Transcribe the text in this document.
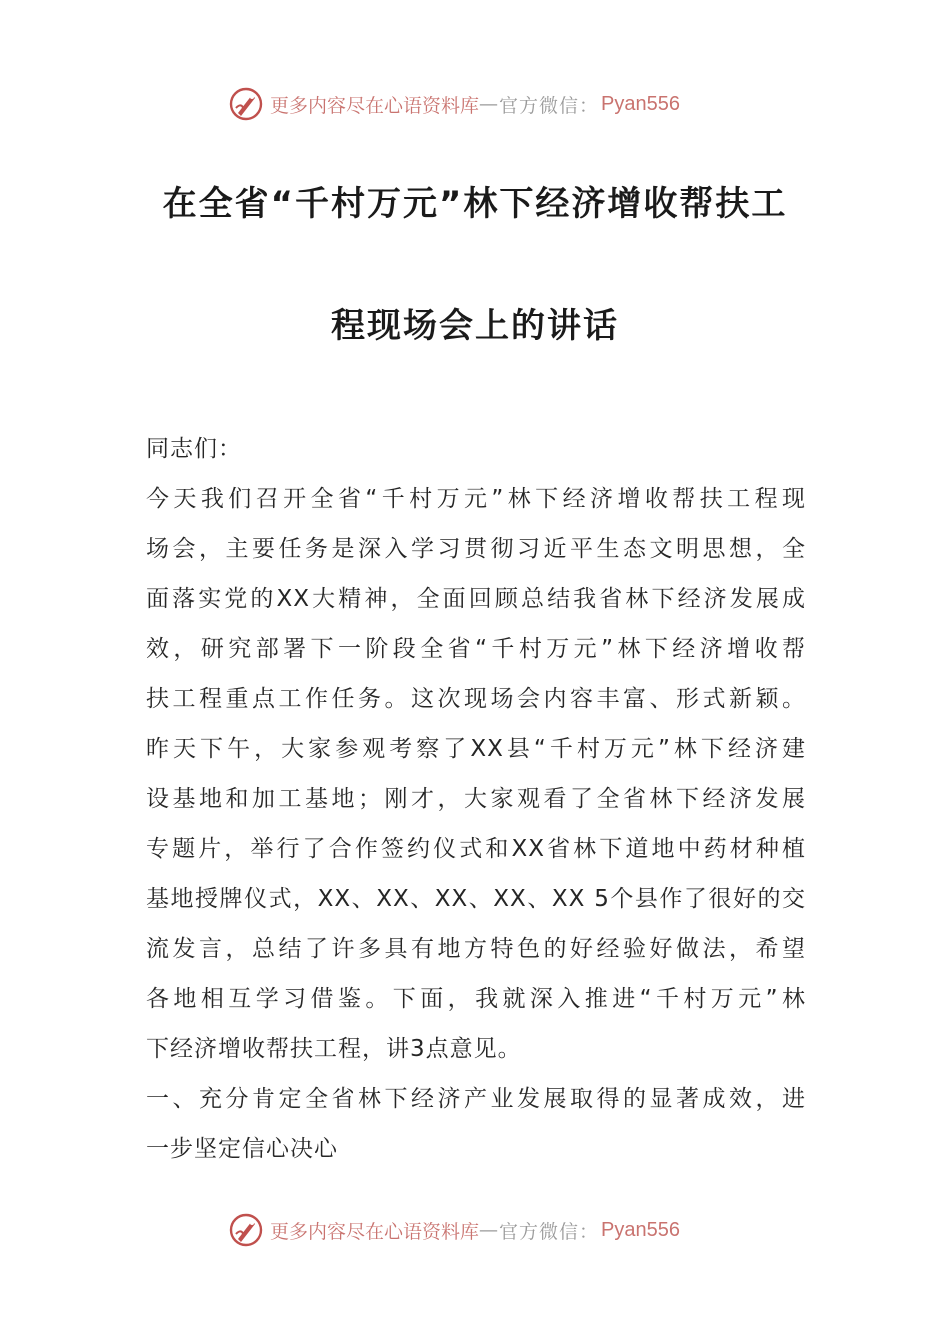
更多内容尽在心语资料库 — 官方微信： Pyan556
在全省“千村万元”林下经济增收帮扶工
程现场会上的讲话
同志们：
今天我们召开全省“千村万元”林下经济增收帮扶工程现
场会，主要任务是深入学习贯彻习近平生态文明思想，全
面落实党的XX大精神，全面回顾总结我省林下经济发展成
效，研究部署下一阶段全省“千村万元”林下经济增收帮
扶工程重点工作任务。这次现场会内容丰富、形式新颖。
昨天下午，大家参观考察了XX县“千村万元”林下经济建
设基地和加工基地；刚才，大家观看了全省林下经济发展
专题片，举行了合作签约仪式和XX省林下道地中药材种植
基地授牌仪式，XX、XX、XX、XX、XX 5个县作了很好的交
流发言，总结了许多具有地方特色的好经验好做法，希望
各地相互学习借鉴。下面，我就深入推进“千村万元”林
下经济增收帮扶工程，讲3点意见。
一、充分肯定全省林下经济产业发展取得的显著成效，进
一步坚定信心决心
更多内容尽在心语资料库 — 官方微信： Pyan556
